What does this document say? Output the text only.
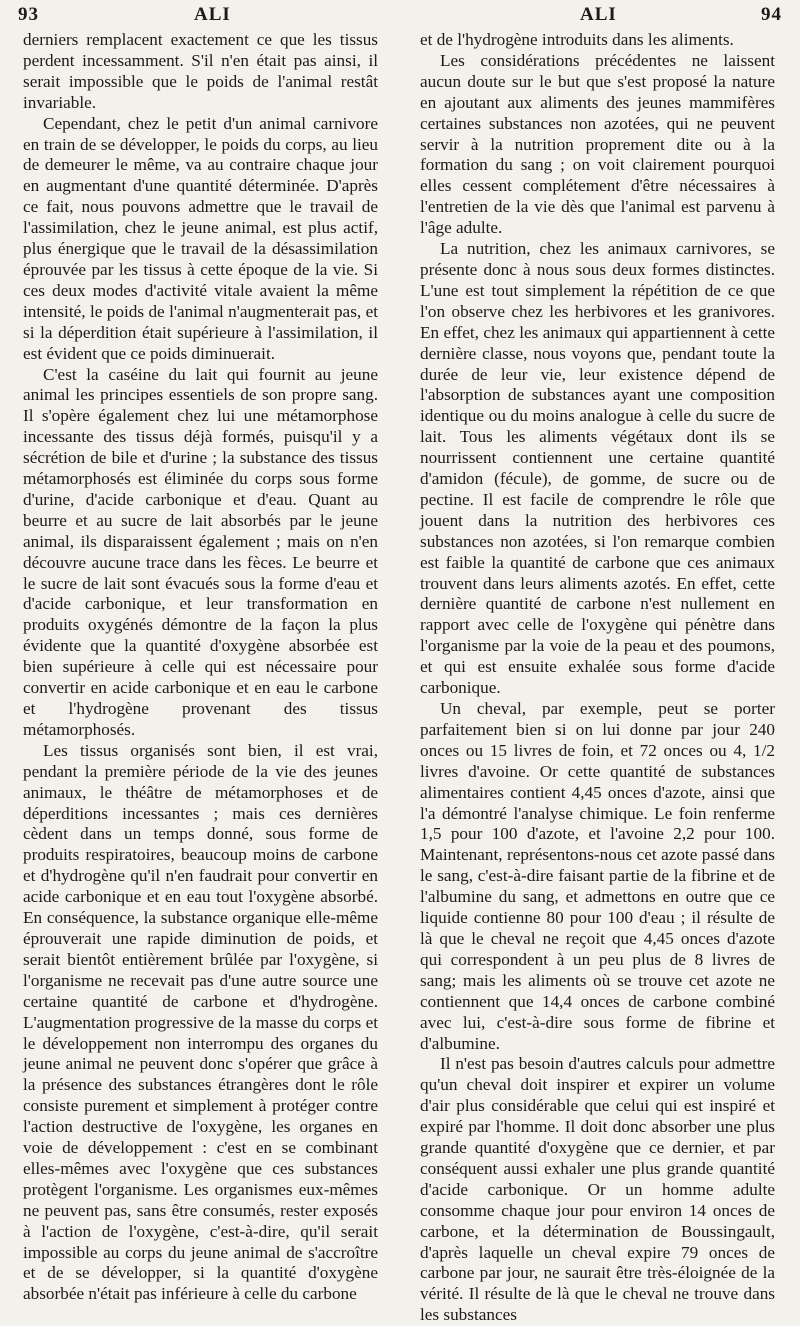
93	ALI	ALI	94

derniers remplacent exactement ce que les tissus perdent incessamment. S'il n'en était pas ainsi, il serait impossible que le poids de l'animal restât invariable.

Cependant, chez le petit d'un animal carnivore en train de se développer, le poids du corps, au lieu de demeurer le même, va au contraire chaque jour en augmentant d'une quantité déterminée. D'après ce fait, nous pouvons admettre que le travail de l'assimilation, chez le jeune animal, est plus actif, plus énergique que le travail de la désassimilation éprouvée par les tissus à cette époque de la vie. Si ces deux modes d'activité vitale avaient la même intensité, le poids de l'animal n'augmenterait pas, et si la déperdition était supérieure à l'assimilation, il est évident que ce poids diminuerait.

C'est la caséine du lait qui fournit au jeune animal les principes essentiels de son propre sang. Il s'opère également chez lui une métamorphose incessante des tissus déjà formés, puisqu'il y a sécrétion de bile et d'urine ; la substance des tissus métamorphosés est éliminée du corps sous forme d'urine, d'acide carbonique et d'eau. Quant au beurre et au sucre de lait absorbés par le jeune animal, ils disparaissent également ; mais on n'en découvre aucune trace dans les fèces. Le beurre et le sucre de lait sont évacués sous la forme d'eau et d'acide carbonique, et leur transformation en produits oxygénés démontre de la façon la plus évidente que la quantité d'oxygène absorbée est bien supérieure à celle qui est nécessaire pour convertir en acide carbonique et en eau le carbone et l'hydrogène provenant des tissus métamorphosés.

Les tissus organisés sont bien, il est vrai, pendant la première période de la vie des jeunes animaux, le théâtre de métamorphoses et de déperditions incessantes ; mais ces dernières cèdent dans un temps donné, sous forme de produits respiratoires, beaucoup moins de carbone et d'hydrogène qu'il n'en faudrait pour convertir en acide carbonique et en eau tout l'oxygène absorbé. En conséquence, la substance organique elle-même éprouverait une rapide diminution de poids, et serait bientôt entièrement brûlée par l'oxygène, si l'organisme ne recevait pas d'une autre source une certaine quantité de carbone et d'hydrogène. L'augmentation progressive de la masse du corps et le développement non interrompu des organes du jeune animal ne peuvent donc s'opérer que grâce à la présence des substances étrangères dont le rôle consiste purement et simplement à protéger contre l'action destructive de l'oxygène, les organes en voie de développement : c'est en se combinant elles-mêmes avec l'oxygène que ces substances protègent l'organisme. Les organismes eux-mêmes ne peuvent pas, sans être consumés, rester exposés à l'action de l'oxygène, c'est-à-dire, qu'il serait impossible au corps du jeune animal de s'accroître et de se développer, si la quantité d'oxygène absorbée n'était pas inférieure à celle du carbone

et de l'hydrogène introduits dans les aliments.

Les considérations précédentes ne laissent aucun doute sur le but que s'est proposé la nature en ajoutant aux aliments des jeunes mammifères certaines substances non azotées, qui ne peuvent servir à la nutrition proprement dite ou à la formation du sang ; on voit clairement pourquoi elles cessent complétement d'être nécessaires à l'entretien de la vie dès que l'animal est parvenu à l'âge adulte.

La nutrition, chez les animaux carnivores, se présente donc à nous sous deux formes distinctes. L'une est tout simplement la répétition de ce que l'on observe chez les herbivores et les granivores. En effet, chez les animaux qui appartiennent à cette dernière classe, nous voyons que, pendant toute la durée de leur vie, leur existence dépend de l'absorption de substances ayant une composition identique ou du moins analogue à celle du sucre de lait. Tous les aliments végétaux dont ils se nourrissent contiennent une certaine quantité d'amidon (fécule), de gomme, de sucre ou de pectine. Il est facile de comprendre le rôle que jouent dans la nutrition des herbivores ces substances non azotées, si l'on remarque combien est faible la quantité de carbone que ces animaux trouvent dans leurs aliments azotés. En effet, cette dernière quantité de carbone n'est nullement en rapport avec celle de l'oxygène qui pénètre dans l'organisme par la voie de la peau et des poumons, et qui est ensuite exhalée sous forme d'acide carbonique.

Un cheval, par exemple, peut se porter parfaitement bien si on lui donne par jour 240 onces ou 15 livres de foin, et 72 onces ou 4, 1/2 livres d'avoine. Or cette quantité de substances alimentaires contient 4,45 onces d'azote, ainsi que l'a démontré l'analyse chimique. Le foin renferme 1,5 pour 100 d'azote, et l'avoine 2,2 pour 100. Maintenant, représentons-nous cet azote passé dans le sang, c'est-à-dire faisant partie de la fibrine et de l'albumine du sang, et admettons en outre que ce liquide contienne 80 pour 100 d'eau ; il résulte de là que le cheval ne reçoit que 4,45 onces d'azote qui correspondent à un peu plus de 8 livres de sang; mais les aliments où se trouve cet azote ne contiennent que 14,4 onces de carbone combiné avec lui, c'est-à-dire sous forme de fibrine et d'albumine.

Il n'est pas besoin d'autres calculs pour admettre qu'un cheval doit inspirer et expirer un volume d'air plus considérable que celui qui est inspiré et expiré par l'homme. Il doit donc absorber une plus grande quantité d'oxygène que ce dernier, et par conséquent aussi exhaler une plus grande quantité d'acide carbonique. Or un homme adulte consomme chaque jour pour environ 14 onces de carbone, et la détermination de Boussingault, d'après laquelle un cheval expire 79 onces de carbone par jour, ne saurait être très-éloignée de la vérité. Il résulte de là que le cheval ne trouve dans les substances
